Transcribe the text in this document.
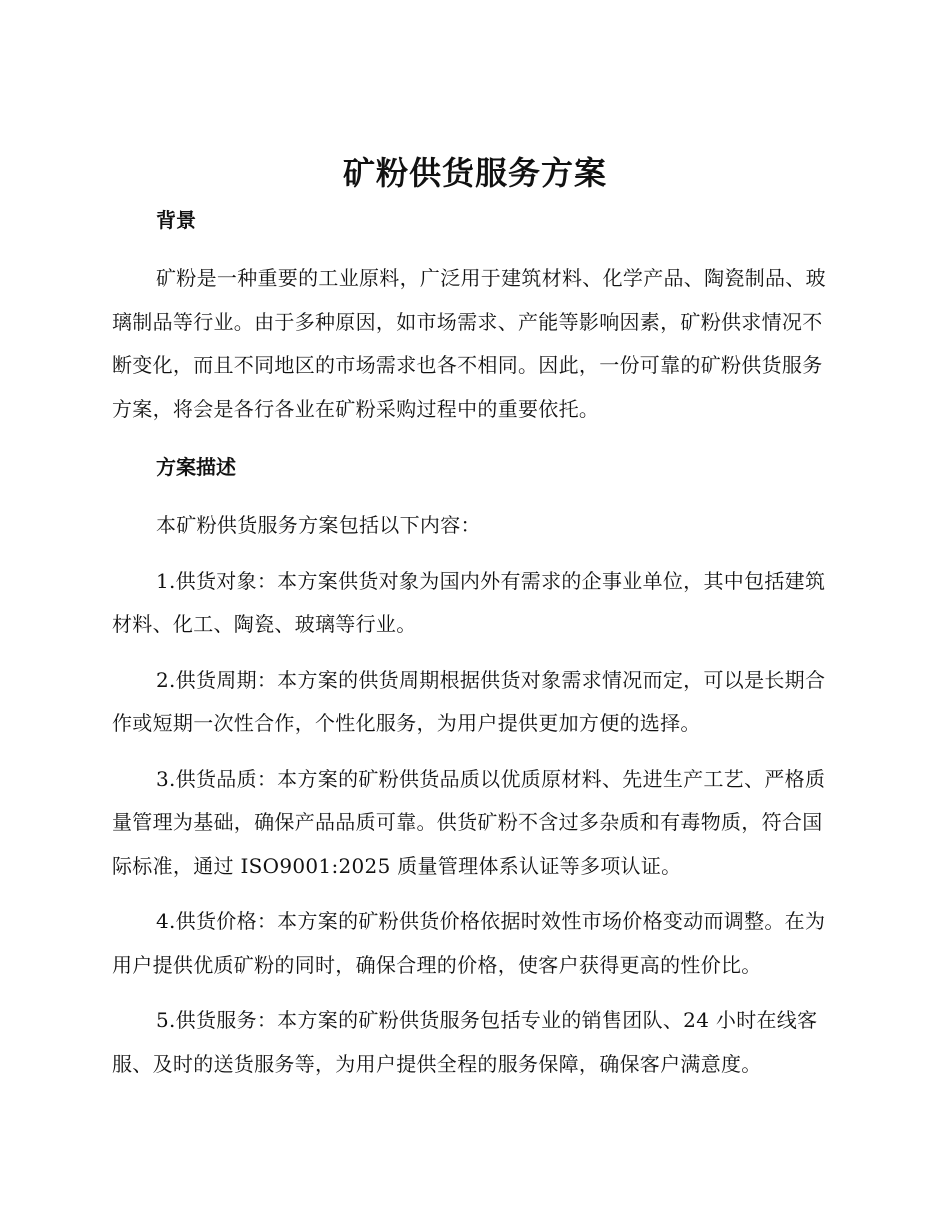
矿粉供货服务方案
背景

矿粉是一种重要的工业原料，广泛用于建筑材料、化学产品、陶瓷制品、玻璃制品等行业。由于多种原因，如市场需求、产能等影响因素，矿粉供求情况不断变化，而且不同地区的市场需求也各不相同。因此，一份可靠的矿粉供货服务方案，将会是各行各业在矿粉采购过程中的重要依托。

方案描述

本矿粉供货服务方案包括以下内容：

1.供货对象：本方案供货对象为国内外有需求的企事业单位，其中包括建筑材料、化工、陶瓷、玻璃等行业。

2.供货周期：本方案的供货周期根据供货对象需求情况而定，可以是长期合作或短期一次性合作，个性化服务，为用户提供更加方便的选择。

3.供货品质：本方案的矿粉供货品质以优质原材料、先进生产工艺、严格质量管理为基础，确保产品品质可靠。供货矿粉不含过多杂质和有毒物质，符合国际标准，通过 ISO9001:2025 质量管理体系认证等多项认证。

4.供货价格：本方案的矿粉供货价格依据时效性市场价格变动而调整。在为用户提供优质矿粉的同时，确保合理的价格，使客户获得更高的性价比。

5.供货服务：本方案的矿粉供货服务包括专业的销售团队、24 小时在线客服、及时的送货服务等，为用户提供全程的服务保障，确保客户满意度。
